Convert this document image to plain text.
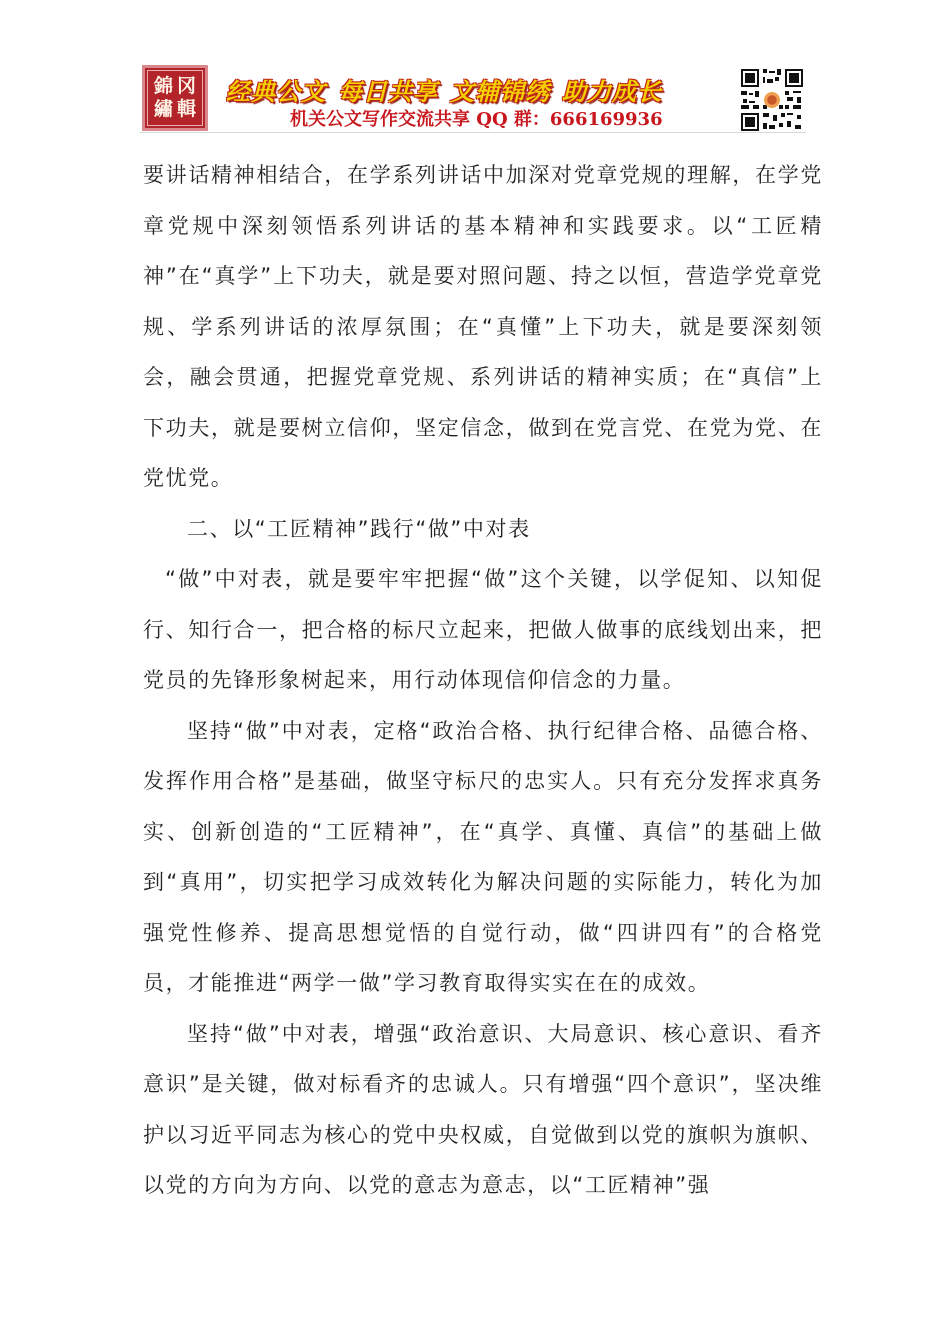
錦 冈
繡 輯
经典公文 每日共享 文辅锦绣 助力成长
机关公文写作交流共享 QQ 群：666169936

要讲话精神相结合，在学系列讲话中加深对党章党规的理解，在学党章党规中深刻领悟系列讲话的基本精神和实践要求。以“工匠精神”在“真学”上下功夫，就是要对照问题、持之以恒，营造学党章党规、学系列讲话的浓厚氛围；在“真懂”上下功夫，就是要深刻领会，融会贯通，把握党章党规、系列讲话的精神实质；在“真信”上下功夫，就是要树立信仰，坚定信念，做到在党言党、在党为党、在党忧党。

二、以“工匠精神”践行“做”中对表

“做”中对表，就是要牢牢把握“做”这个关键，以学促知、以知促行、知行合一，把合格的标尺立起来，把做人做事的底线划出来，把党员的先锋形象树起来，用行动体现信仰信念的力量。

坚持“做”中对表，定格“政治合格、执行纪律合格、品德合格、发挥作用合格”是基础，做坚守标尺的忠实人。只有充分发挥求真务实、创新创造的“工匠精神”，在“真学、真懂、真信”的基础上做到“真用”，切实把学习成效转化为解决问题的实际能力，转化为加强党性修养、提高思想觉悟的自觉行动，做“四讲四有”的合格党员，才能推进“两学一做”学习教育取得实实在在的成效。

坚持“做”中对表，增强“政治意识、大局意识、核心意识、看齐意识”是关键，做对标看齐的忠诚人。只有增强“四个意识”，坚决维护以习近平同志为核心的党中央权威，自觉做到以党的旗帜为旗帜、以党的方向为方向、以党的意志为意志，以“工匠精神”强
